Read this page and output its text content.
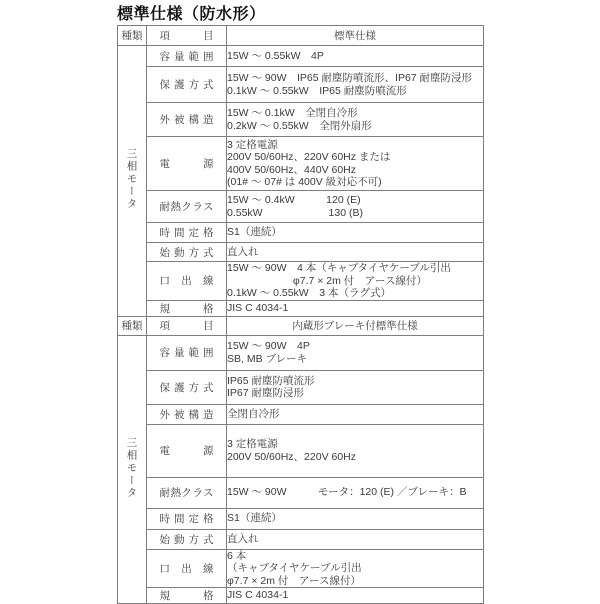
標準仕様（防水形）
種類	項目	標準仕様
三相モータ	容量範囲	15W ～ 0.55kW　4P

	保護方式	15W ～ 90W　IP65 耐塵防噴流形、IP67 耐塵防浸形
0.1kW ～ 0.55kW　IP65 耐塵防噴流形

	外被構造	15W ～ 0.1kW　全閉自冷形
0.2kW ～ 0.55kW　全閉外扇形

	電源	3 定格電源
200V 50/60Hz、220V 60Hz または
400V 50/60Hz、440V 60Hz
(01# ～ 07# は 400V 級対応不可)

	耐熱クラス	15W ～ 0.4kW　　　120 (E)
0.55kW　　　　　　 130 (B)

	時間定格	S1（連続）

	始動方式	直入れ

	口出線	15W ～ 90W　4 本（キャブタイヤケーブル引出
　　　　　 　φ7.7 × 2m 付　アース線付）
0.1kW ～ 0.55kW　3 本（ラグ式）

	規格	JIS C 4034-1

種類	項目	内蔵形ブレーキ付標準仕様
三相モータ	容量範囲	15W ～ 90W　4P
SB, MB ブレーキ

	保護方式	IP65 耐塵防噴流形
IP67 耐塵防浸形

	外被構造	全閉自冷形

	電源	3 定格電源
200V 50/60Hz、220V 60Hz

	耐熱クラス	15W ～ 90W　　　モータ：120 (E) ／ブレーキ：B

	時間定格	S1（連続）

	始動方式	直入れ

	口出線	6 本
（キャブタイヤケーブル引出
φ7.7 × 2m 付　アース線付）

	規格	JIS C 4034-1
